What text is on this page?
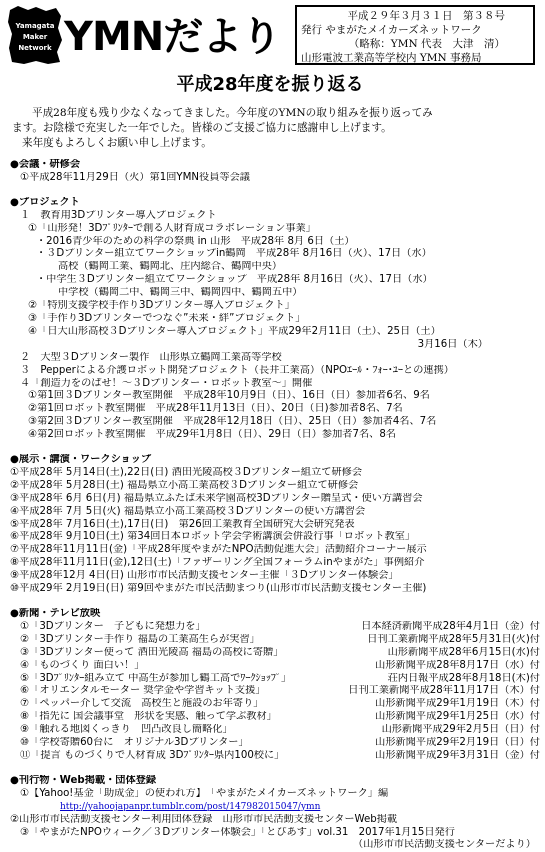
Yamagata
Maker
Network YMNだより	平成２９年３月３１日　第３８号
発行 やまがたメイカーズネットワーク
（略称：YMN 代表　大津　清）
山形電波工業高等学校内 YMN 事務局
平成28年度を振り返る
平成28年度も残り少なくなってきました。今年度のYMNの取り組みを振り返ってみ
ます。お陰様で充実した一年でした。皆様のご支援ご協力に感謝申し上げます。
来年度もよろしくお願い申し上げます。
●会議・研修会
①平成28年11月29日（火）第1回YMN役員等会議
●プロジェクト
１　教育用3Dプリンター導入プロジェクト
①「山形発！3Dﾌﾟﾘﾝﾀｰで創る人財育成コラボレーション事業」
・2016青少年のための科学の祭典 in 山形　平成28年 8月 6日（土）
・３Dプリンター組立てワークショップin鶴岡　平成28年 8月16日（火）、17日（水）
高校（鶴岡工業、鶴岡北、庄内総合、鶴岡中央）
・中学生３Dプリンター組立てワークショップ　平成28年 8月16日（火）、17日（水）
中学校（鶴岡二中、鶴岡三中、鶴岡四中、鶴岡五中）
②「特別支援学校手作り3Dプリンター導入プロジェクト」
③「手作り3Dプリンターでつなぐ”未来・絆”プロジェクト」
④「日大山形高校３Dプリンター導入プロジェクト」平成29年2月11日（土）、25日（土）
3月16日（木）
２　大型３Dプリンター製作　山形県立鶴岡工業高等学校
３　Pepperによる介護ロボット開発プロジェクト（長井工業高）（NPOｴｰﾙ・ﾌｫｰ･ﾕｰとの連携）
４「創造力をのばせ！～３Dプリンター・ロボット教室～」開催
①第1回３Dプリンター教室開催　平成28年10月9日（日）、16日（日）参加者6名、9名
②第1回ロボット教室開催　平成28年11月13日（日）、20日（日)参加者8名、7名
③第2回３Dプリンター教室開催　平成28年12月18日（日）、25日（日）参加者4名、7名
④第2回ロボット教室開催　平成29年1月8日（日）、29日（日）参加者7名、8名
●展示・講演・ワークショップ
①平成28年 5月14日(土),22日(日) 酒田光陵高校３Dプリンター組立て研修会
②平成28年 5月28日(土) 福島県立小高工業高校３Dプリンター組立て研修会
③平成28年 6月 6日(月) 福島県立ふたば未来学園高校3Dプリンター贈呈式・使い方講習会
④平成28年 7月 5日(火) 福島県立小高工業高校３Dプリンターの使い方講習会
⑤平成28年 7月16日(土),17日(日)　第26回工業教育全国研究大会研究発表
⑥平成28年 9月10日(土) 第34回日本ロボット学会学術講演会併設行事「ロボット教室」
⑦平成28年11月11日(金)「平成28年度やまがたNPO活動促進大会」活動紹介コーナー展示
⑧平成28年11月11日(金),12日(土)「ファザーリング全国フォーラムinやまがた」事例紹介
⑨平成28年12月 4日(日) 山形市市民活動支援センター主催「３Dプリンター体験会」
⑩平成29年 2月19日(日) 第9回やまがた市民活動まつり(山形市市民活動支援センター主催)
●新聞・テレビ放映
①「3Dプリンター　子どもに発想力を」	日本経済新聞平成28年4月1日（金）付
②「3Dプリンター手作り 福島の工業高生らが実習」	日刊工業新聞平成28年5月31日(火)付
③「3Dプリンター使って 酒田光陵高 福島の高校に寄贈」	山形新聞平成28年6月15日(水)付
④「ものづくり 面白い！」	山形新聞平成28年8月17日（水）付
⑤「3Dﾌﾟﾘﾝﾀｰ組み立て 中高生が参加し鶴工高でﾜｰｸｼｮｯﾌﾟ」	荘内日報平成28年8月18日(木)付
⑥「オリエンタルモーター 奨学金や学習キット支援」	日刊工業新聞平成28年11月17日（木）付
⑦「ペッパー介して交流　高校生と施設のお年寄り」	山形新聞平成29年1月19日（木）付
⑧「指先に 国会議事堂　形状を実感、触って学ぶ教材」	山形新聞平成29年1月25日（水）付
⑨「触れる地図くっきり　凹凸改良し簡略化」	山形新聞平成29年2月5日（日）付
⑩「学校寄贈60台に　オリジナル3Dプリンター」	山形新聞平成29年2月19日（日）付
⑪「提言 ものづくりで人材育成 3Dﾌﾟﾘﾝﾀｰ県内100校に」	山形新聞平成29年3月31日（金）付
●刊行物・Web掲載・団体登録
①【Yahoo!基金「助成金」の使われ方】　「やまがたメイカーズネットワーク」編
http://yahoojapanpr.tumblr.com/post/147982015047/ymn
②山形市市民活動支援センター利用団体登録　山形市市民活動支援センターWeb掲載
③「やまがたNPOウィーク／３Dプリンター体験会」「とびあす」vol.31　2017年1月15日発行
（山形市市民活動支援センターだより）
